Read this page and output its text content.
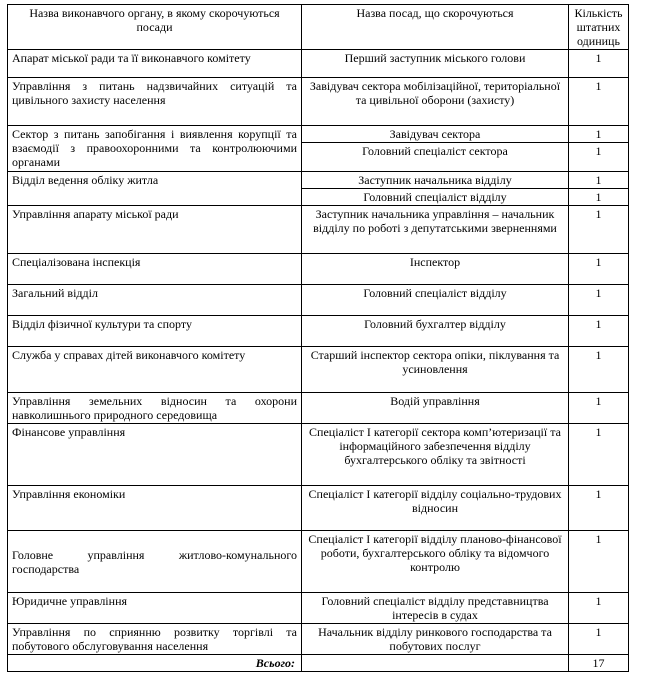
Назва виконавчого органу, в якому скорочуються посади	Назва посад, що скорочуються	Кількість штатних одиниць
Апарат міської ради та її виконавчого комітету	Перший заступник міського голови	1
Управління з питань надзвичайних ситуацій та цивільного захисту населення	Завідувач сектора мобілізаційної, територіальної та цивільної оборони (захисту)	1
Сектор з питань запобігання і виявлення корупції та взаємодії з правоохоронними та контролюючими органами	Завідувач сектора	1
	Головний спеціаліст сектора	1
Відділ ведення обліку житла	Заступник начальника відділу	1
	Головний спеціаліст відділу	1
Управління апарату міської ради	Заступник начальника управління – начальник відділу по роботі з депутатськими зверненнями	1
Спеціалізована інспекція	Інспектор	1
Загальний відділ	Головний спеціаліст відділу	1
Відділ фізичної культури та спорту	Головний бухгалтер відділу	1
Служба у справах дітей виконавчого комітету	Старший інспектор сектора опіки, піклування та усиновлення	1
Управління земельних відносин та охорони навколишнього природного середовища	Водій управління	1
Фінансове управління	Спеціаліст І категорії сектора комп’ютеризації та інформаційного забезпечення відділу бухгалтерського обліку та звітності	1
Управління економіки	Спеціаліст І категорії відділу соціально-трудових відносин	1
Головне управління житлово-комунального господарства	Спеціаліст І категорії відділу планово-фінансової роботи, бухгалтерського обліку та відомчого контролю	1
Юридичне управління	Головний спеціаліст відділу представництва інтересів в судах	1
Управління по сприянню розвитку торгівлі та побутового обслуговування населення	Начальник відділу ринкового господарства та побутових послуг	1
Всього:		17
